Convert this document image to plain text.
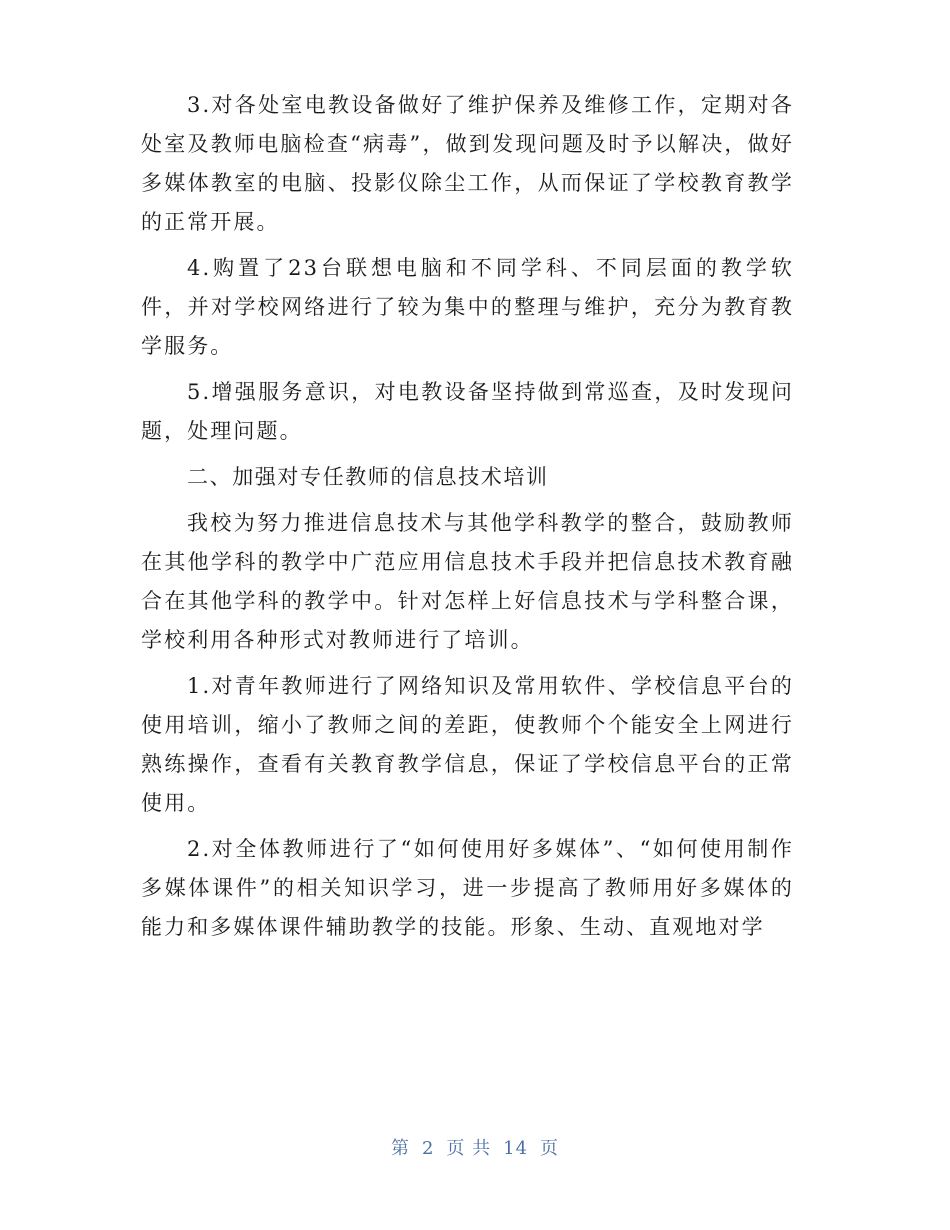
3.对各处室电教设备做好了维护保养及维修工作，定期对各处室及教师电脑检查“病毒”，做到发现问题及时予以解决，做好多媒体教室的电脑、投影仪除尘工作，从而保证了学校教育教学的正常开展。

4.购置了23台联想电脑和不同学科、不同层面的教学软件，并对学校网络进行了较为集中的整理与维护，充分为教育教学服务。

5.增强服务意识，对电教设备坚持做到常巡查，及时发现问题，处理问题。

二、加强对专任教师的信息技术培训

我校为努力推进信息技术与其他学科教学的整合，鼓励教师在其他学科的教学中广范应用信息技术手段并把信息技术教育融合在其他学科的教学中。针对怎样上好信息技术与学科整合课，学校利用各种形式对教师进行了培训。

1.对青年教师进行了网络知识及常用软件、学校信息平台的使用培训，缩小了教师之间的差距，使教师个个能安全上网进行熟练操作，查看有关教育教学信息，保证了学校信息平台的正常使用。

2.对全体教师进行了“如何使用好多媒体”、“如何使用制作多媒体课件”的相关知识学习，进一步提高了教师用好多媒体的能力和多媒体课件辅助教学的技能。形象、生动、直观地对学

第 2 页 共 14 页
